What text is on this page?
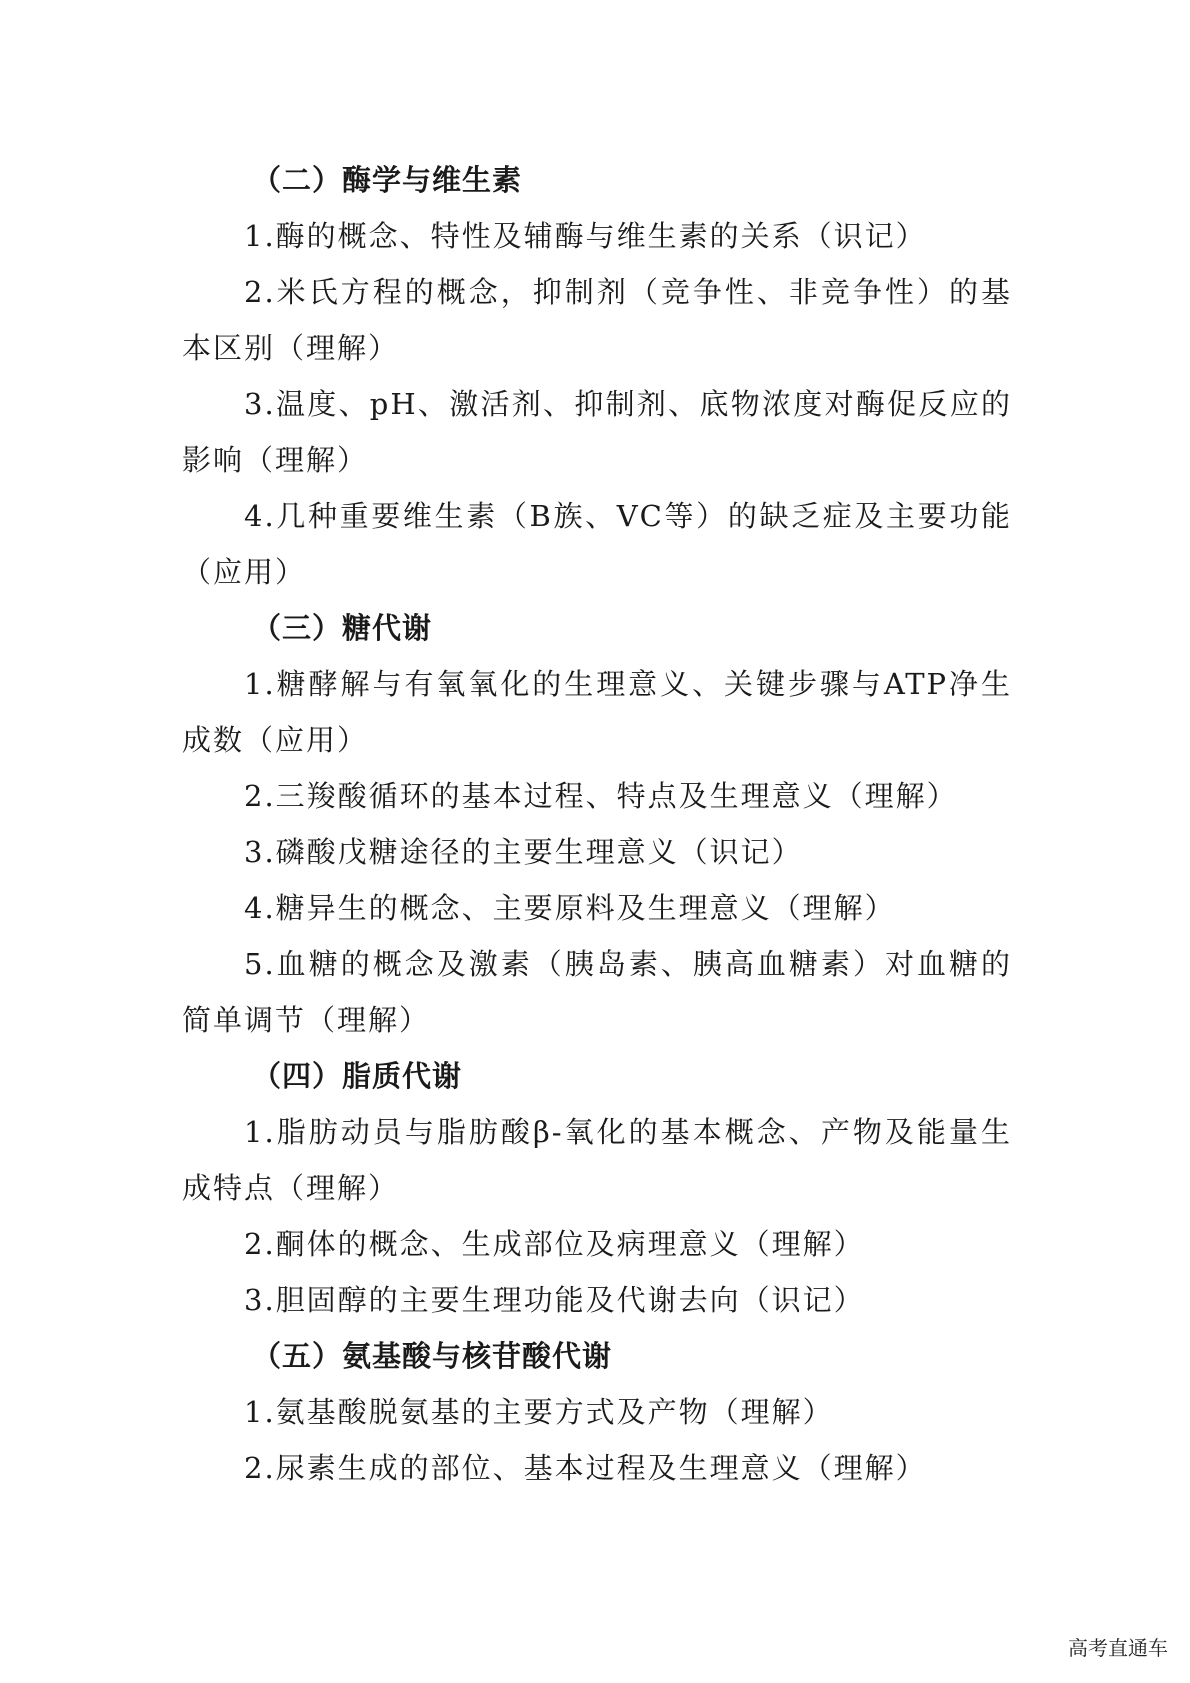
（二）酶学与维生素
1.酶的概念、特性及辅酶与维生素的关系（识记）
2.米氏方程的概念，抑制剂（竞争性、非竞争性）的基
本区别（理解）
3.温度、pH、激活剂、抑制剂、底物浓度对酶促反应的
影响（理解）
4.几种重要维生素（B族、VC等）的缺乏症及主要功能
（应用）
（三）糖代谢
1.糖酵解与有氧氧化的生理意义、关键步骤与ATP净生
成数（应用）
2.三羧酸循环的基本过程、特点及生理意义（理解）
3.磷酸戊糖途径的主要生理意义（识记）
4.糖异生的概念、主要原料及生理意义（理解）
5.血糖的概念及激素（胰岛素、胰高血糖素）对血糖的
简单调节（理解）
（四）脂质代谢
1.脂肪动员与脂肪酸β-氧化的基本概念、产物及能量生
成特点（理解）
2.酮体的概念、生成部位及病理意义（理解）
3.胆固醇的主要生理功能及代谢去向（识记）
（五）氨基酸与核苷酸代谢
1.氨基酸脱氨基的主要方式及产物（理解）
2.尿素生成的部位、基本过程及生理意义（理解）
高考直通车
